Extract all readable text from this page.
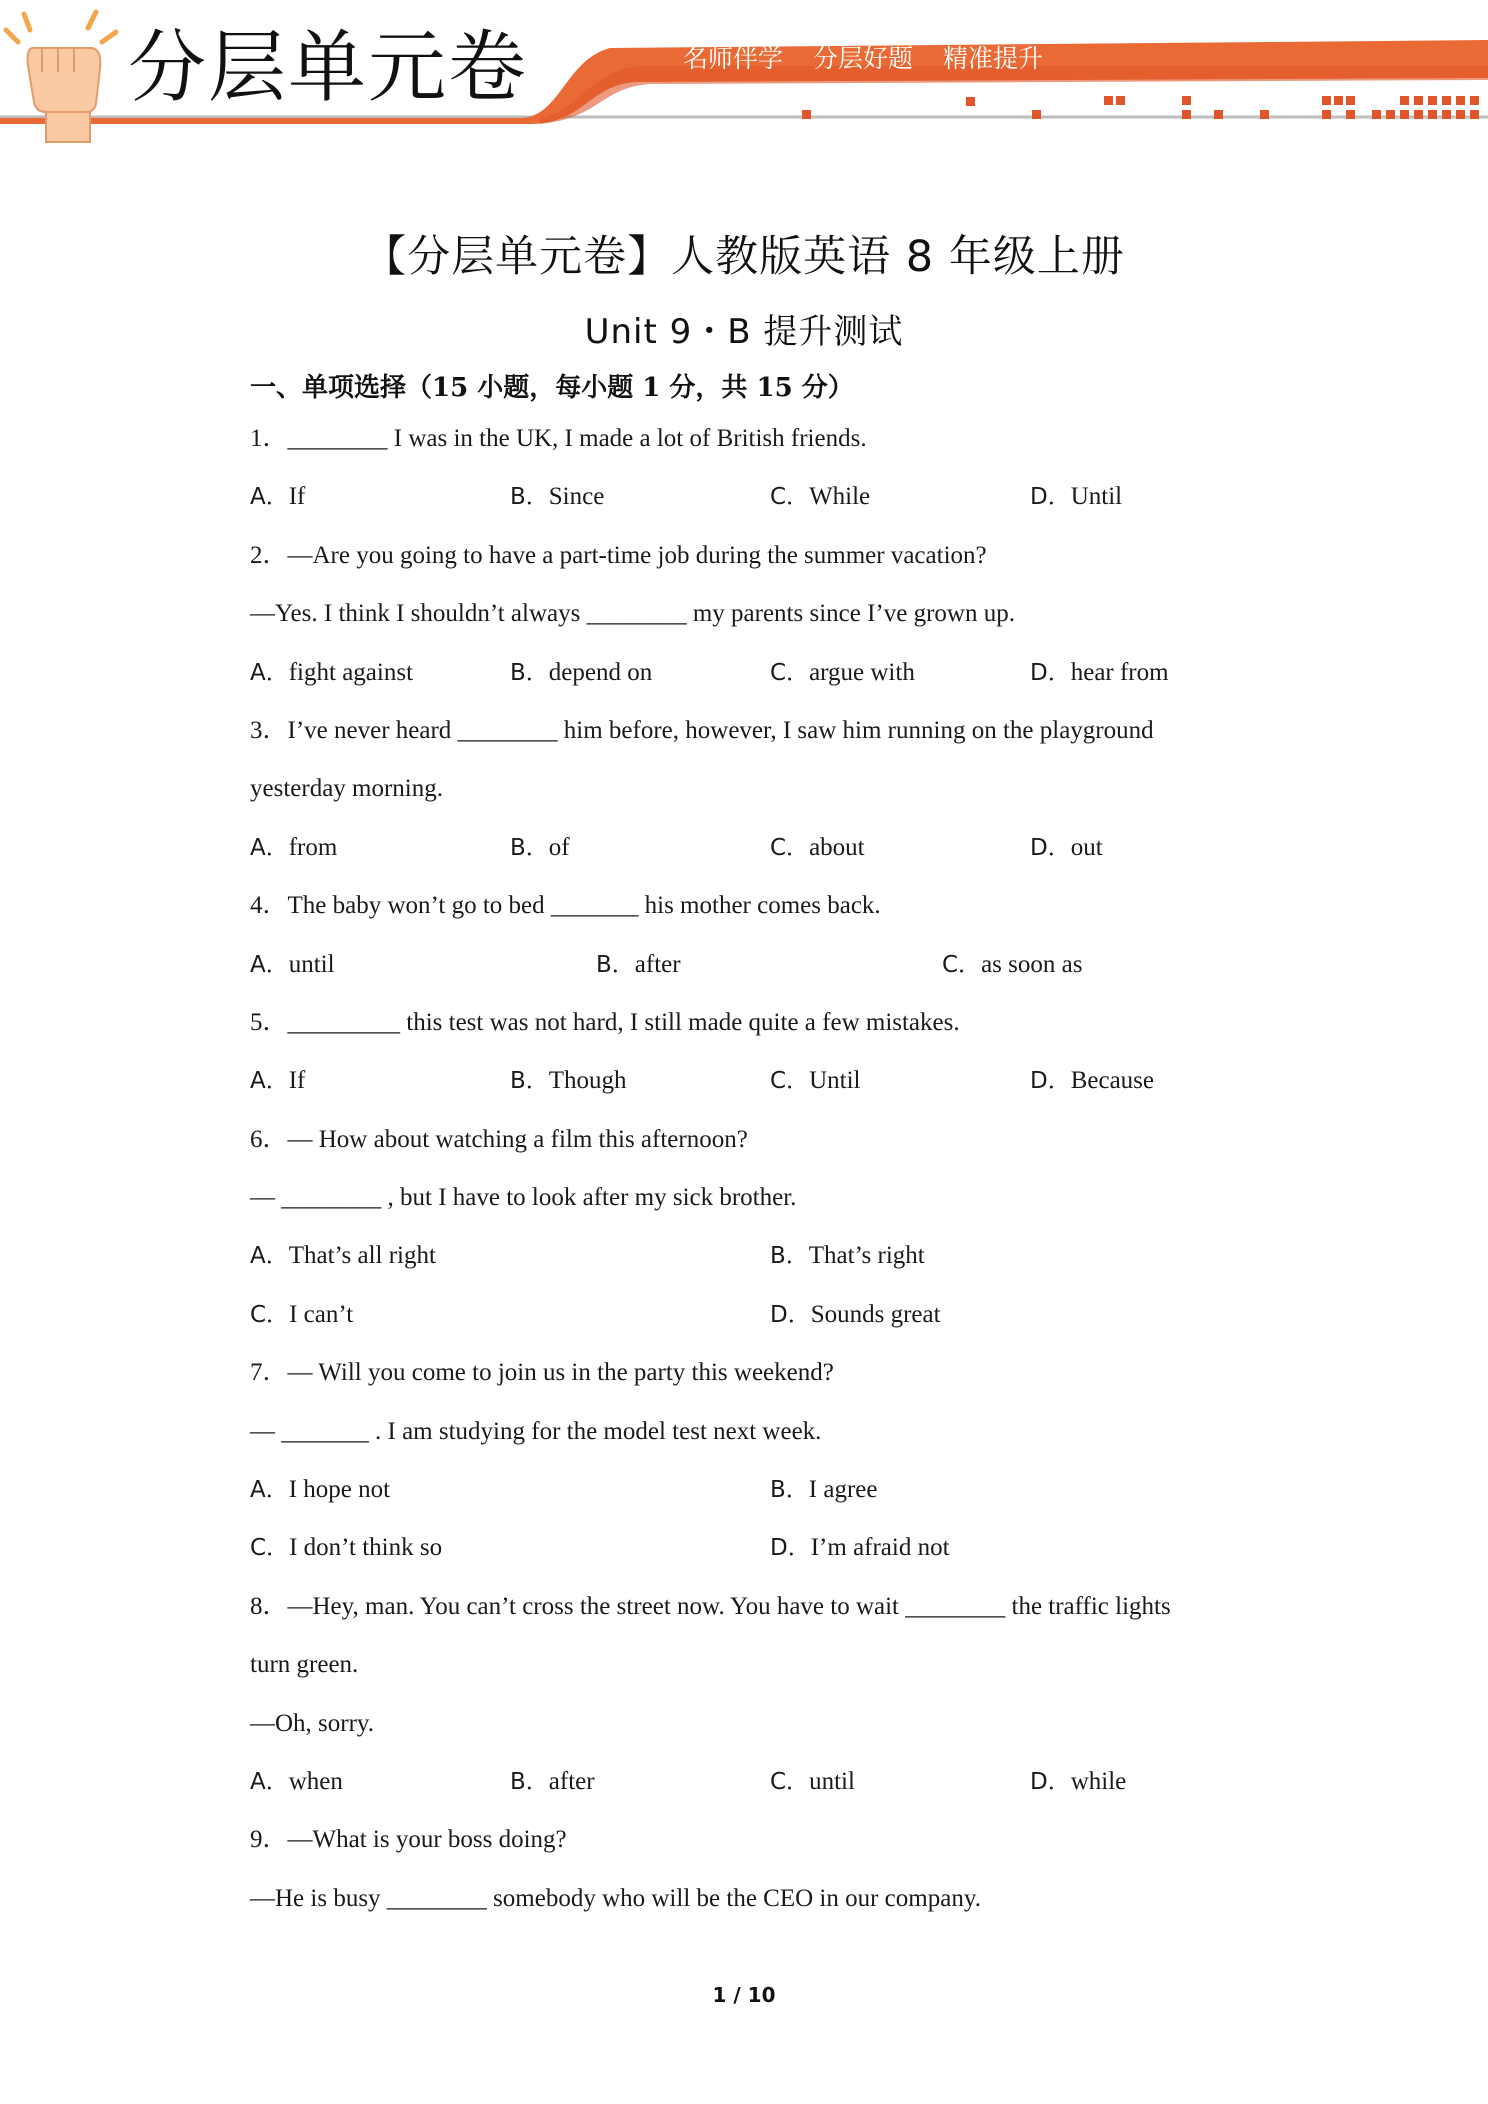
分层单元卷	名师伴学 分层好题 精准提升
【分层单元卷】人教版英语 8 年级上册
Unit 9・B 提升测试
一、单项选择（15 小题，每小题 1 分，共 15 分）
1．________ I was in the UK, I made a lot of British friends.
A．If	B．Since	C．While	D．Until
2．—Are you going to have a part-time job during the summer vacation?
—Yes. I think I shouldn’t always ________ my parents since I’ve grown up.
A．fight against	B．depend on	C．argue with	D．hear from
3．I’ve never heard ________ him before, however, I saw him running on the playground
yesterday morning.
A．from	B．of	C．about	D．out
4．The baby won’t go to bed _______ his mother comes back.
A．until	B．after	C．as soon as
5．_________ this test was not hard, I still made quite a few mistakes.
A．If	B．Though	C．Until	D．Because
6．— How about watching a film this afternoon?
— ________ , but I have to look after my sick brother.
A．That’s all right	B．That’s right
C．I can’t	D．Sounds great
7．— Will you come to join us in the party this weekend?
— _______ . I am studying for the model test next week.
A．I hope not	B．I agree
C．I don’t think so	D．I’m afraid not
8．—Hey, man. You can’t cross the street now. You have to wait ________ the traffic lights
turn green.
—Oh, sorry.
A．when	B．after	C．until	D．while
9．—What is your boss doing?
—He is busy ________ somebody who will be the CEO in our company.
1 / 10
